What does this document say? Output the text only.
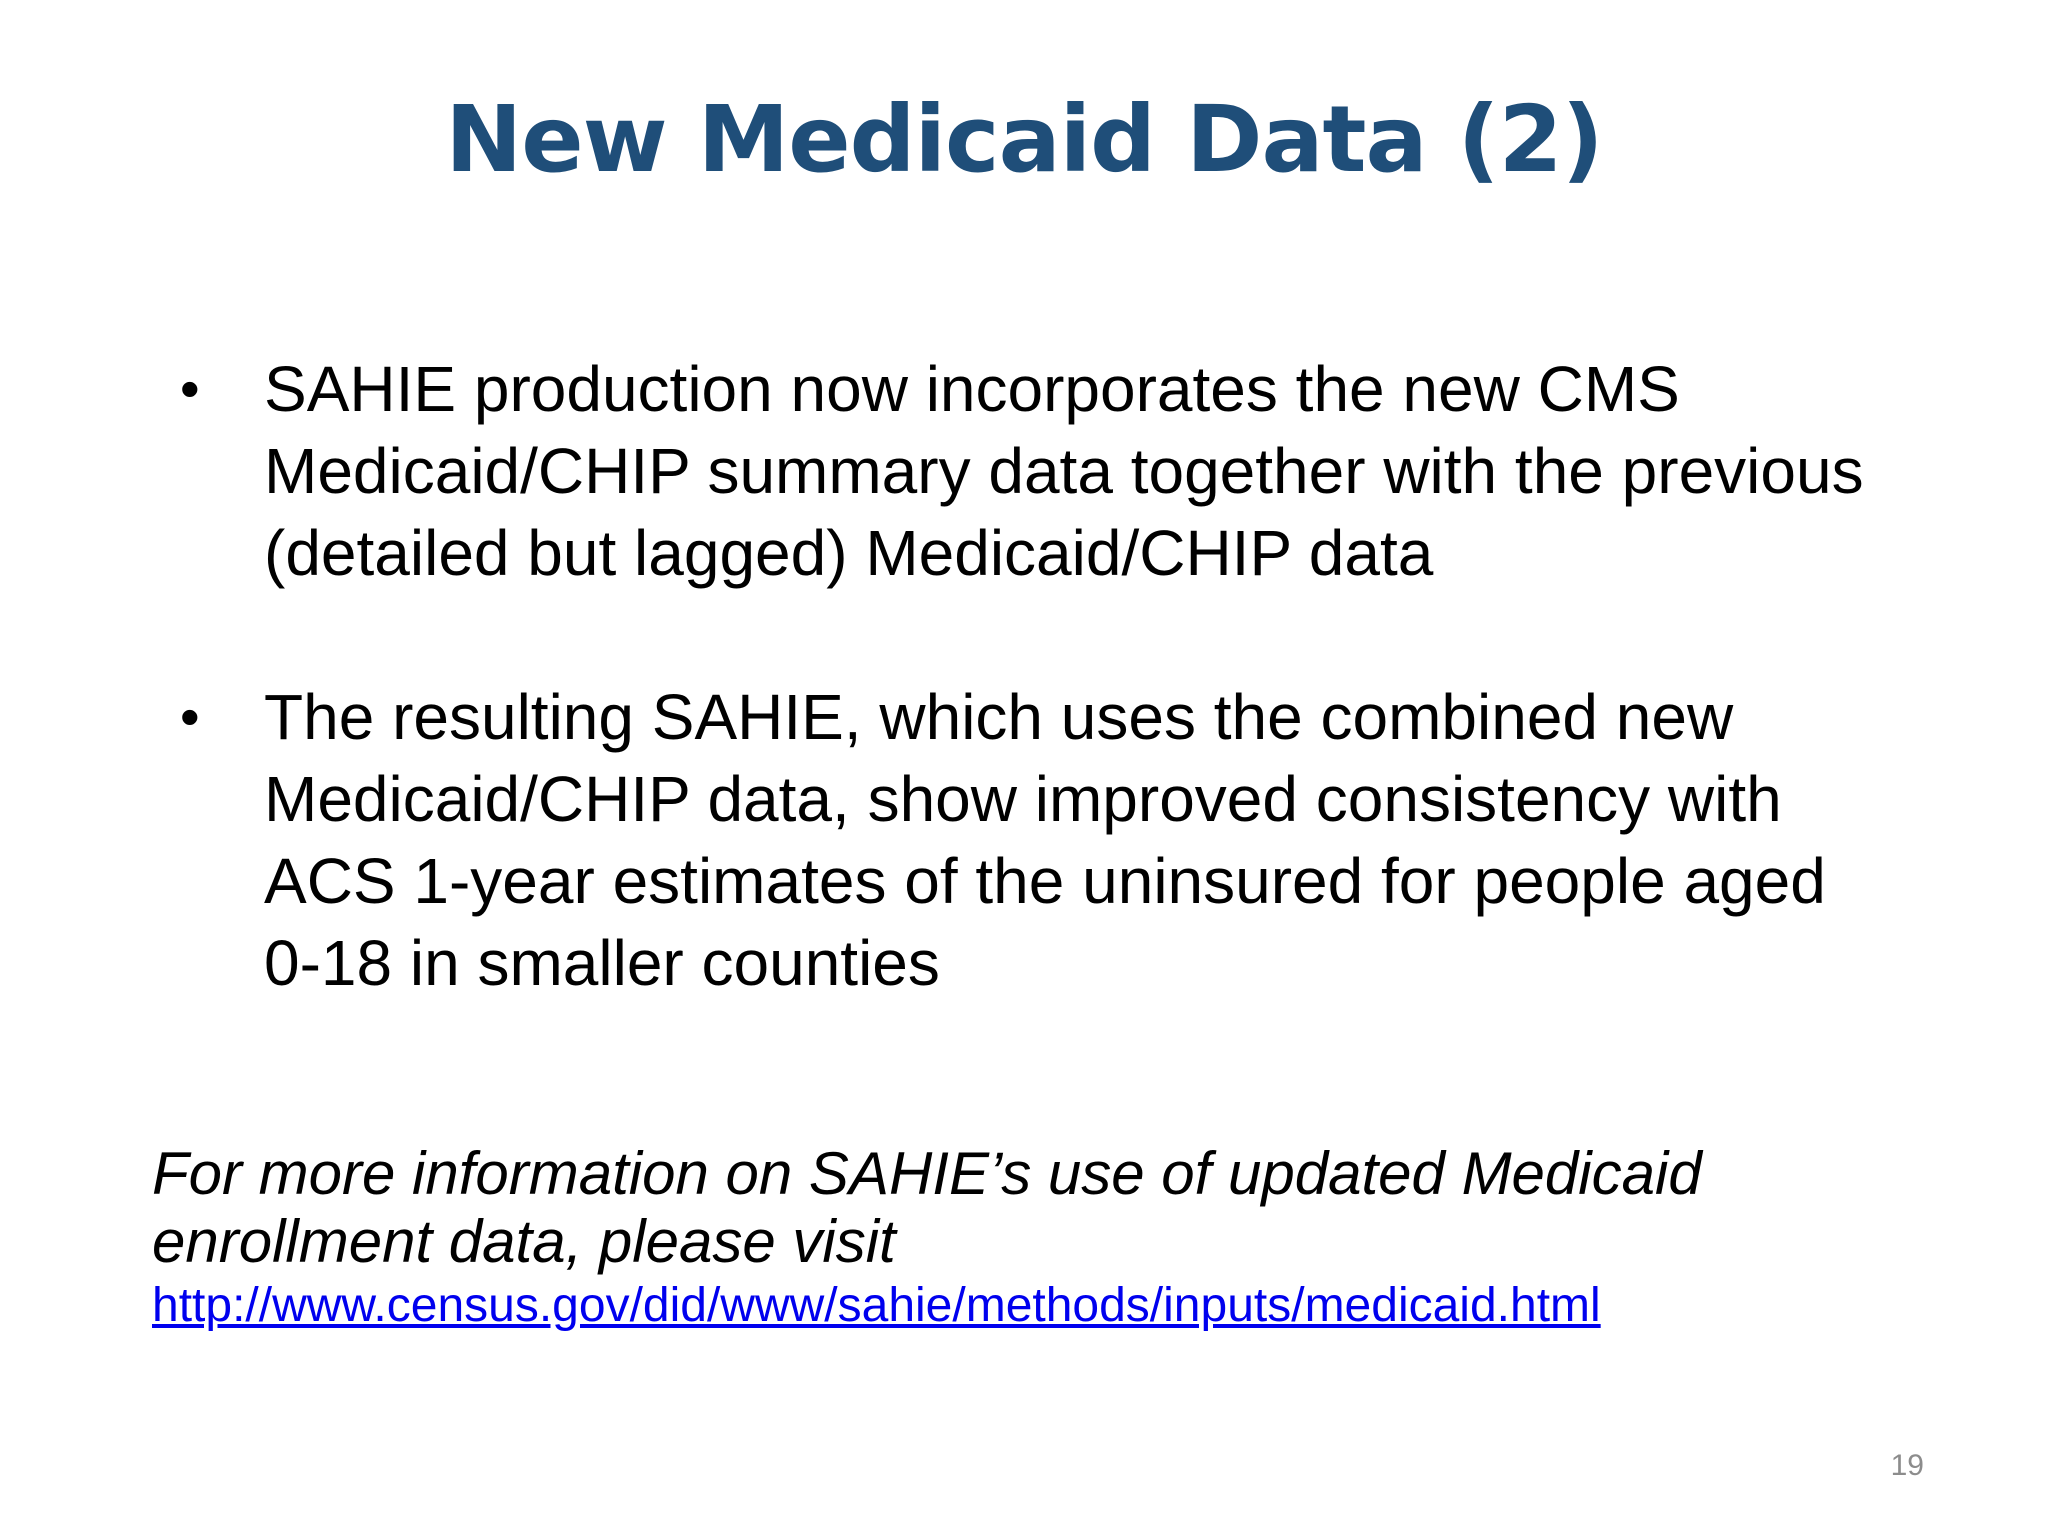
New Medicaid Data (2)
•	SAHIE production now incorporates the new CMS Medicaid/CHIP summary data together with the previous (detailed but lagged) Medicaid/CHIP data
•	The resulting SAHIE, which uses the combined new Medicaid/CHIP data, show improved consistency with ACS 1-year estimates of the uninsured for people aged 0-18 in smaller counties
For more information on SAHIE’s use of updated Medicaid enrollment data, please visit
http://www.census.gov/did/www/sahie/methods/inputs/medicaid.html
19
